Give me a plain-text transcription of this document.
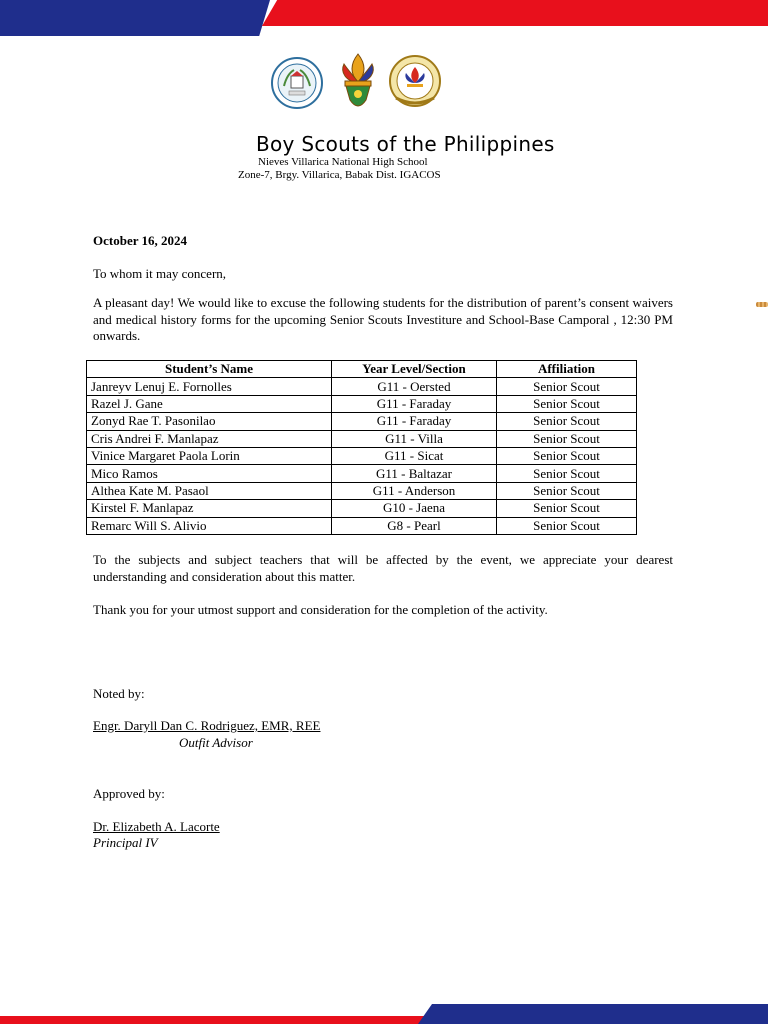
Boy Scouts of the Philippines
Nieves Villarica National High School
Zone-7, Brgy. Villarica, Babak Dist. IGACOS
October 16, 2024
To whom it may concern,
A pleasant day! We would like to excuse the following students for the distribution of parent’s consent waivers and medical history forms for the upcoming Senior Scouts Investiture and School-Base Camporal , 12:30 PM onwards.
Student’s Name	Year Level/Section	Affiliation
Janreyv Lenuj E. Fornolles	G11 - Oersted	Senior Scout
Razel J. Gane	G11 - Faraday	Senior Scout
Zonyd Rae T. Pasonilao	G11 - Faraday	Senior Scout
Cris Andrei F. Manlapaz	G11 - Villa	Senior Scout
Vinice Margaret Paola Lorin	G11 - Sicat	Senior Scout
Mico Ramos	G11 - Baltazar	Senior Scout
Althea Kate M. Pasaol	G11 - Anderson	Senior Scout
Kirstel F. Manlapaz	G10 - Jaena	Senior Scout
Remarc Will S. Alivio	G8 - Pearl	Senior Scout
To the subjects and subject teachers that will be affected by the event, we appreciate your dearest understanding and consideration about this matter.
Thank you for your utmost support and consideration for the completion of the activity.
Noted by:
Engr. Daryll Dan C. Rodriguez, EMR, REE
Outfit Advisor
Approved by:
Dr. Elizabeth A. Lacorte
Principal IV
